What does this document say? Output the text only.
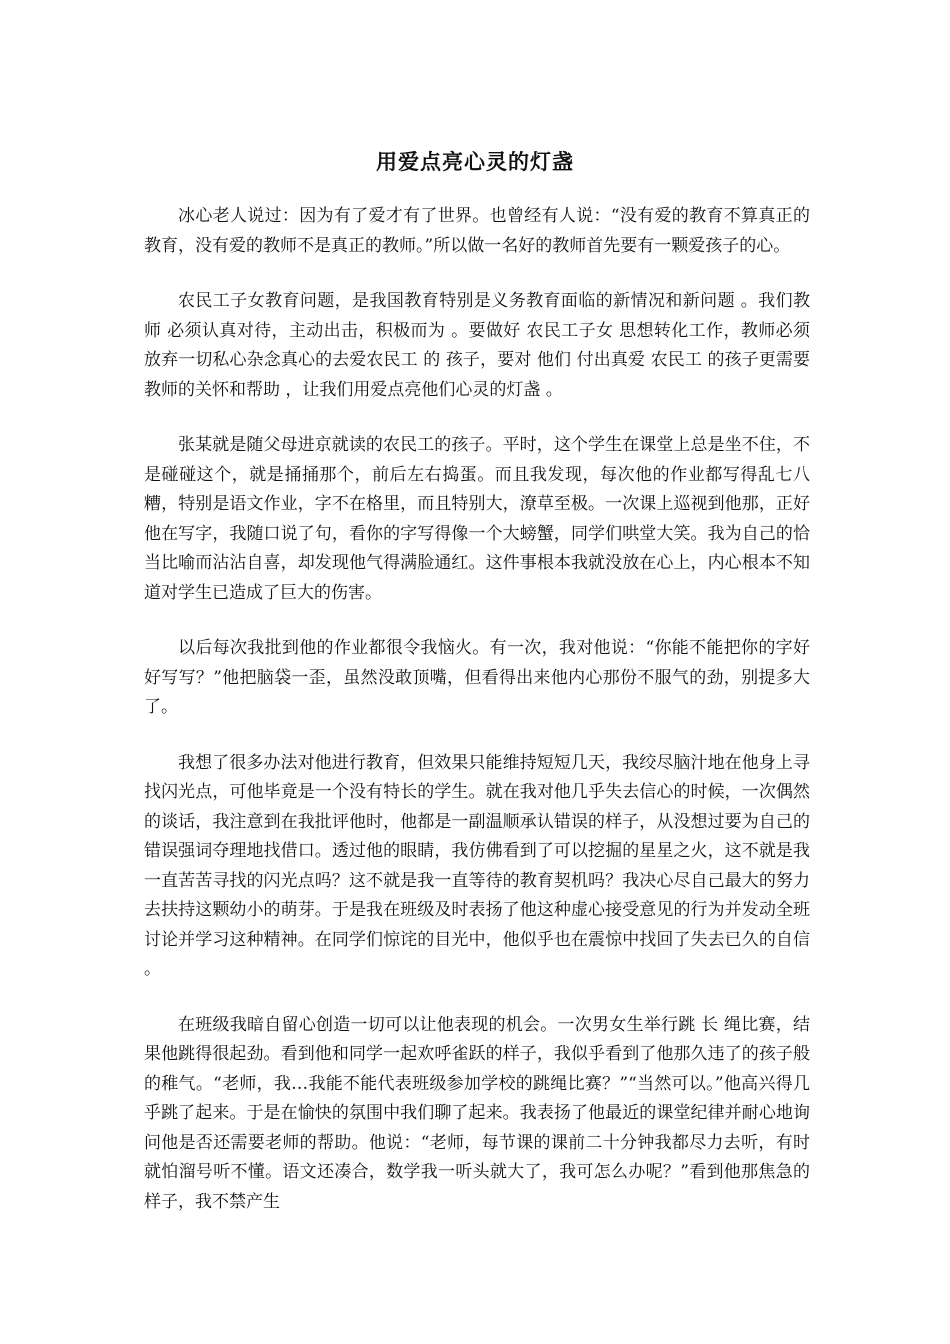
用爱点亮心灵的灯盏

冰心老人说过：因为有了爱才有了世界。也曾经有人说：“没有爱的教育不算真正的教育，没有爱的教师不是真正的教师。”所以做一名好的教师首先要有一颗爱孩子的心。

农民工子女教育问题，是我国教育特别是义务教育面临的新情况和新问题 。我们教师 必须认真对待，主动出击，积极而为 。要做好 农民工子女 思想转化工作，教师必须放弃一切私心杂念真心的去爱农民工 的 孩子，要对 他们 付出真爱 农民工 的孩子更需要教师的关怀和帮助 ，让我们用爱点亮他们心灵的灯盏 。

张某就是随父母进京就读的农民工的孩子。平时，这个学生在课堂上总是坐不住，不是碰碰这个，就是捅捅那个，前后左右捣蛋。而且我发现，每次他的作业都写得乱七八糟，特别是语文作业，字不在格里，而且特别大，潦草至极。一次课上巡视到他那，正好他在写字，我随口说了句，看你的字写得像一个大螃蟹，同学们哄堂大笑。我为自己的恰当比喻而沾沾自喜，却发现他气得满脸通红。这件事根本我就没放在心上，内心根本不知道对学生已造成了巨大的伤害。

以后每次我批到他的作业都很令我恼火。有一次，我对他说：“你能不能把你的字好好写写？”他把脑袋一歪，虽然没敢顶嘴，但看得出来他内心那份不服气的劲，别提多大了。

我想了很多办法对他进行教育，但效果只能维持短短几天，我绞尽脑汁地在他身上寻找闪光点，可他毕竟是一个没有特长的学生。就在我对他几乎失去信心的时候，一次偶然的谈话，我注意到在我批评他时，他都是一副温顺承认错误的样子，从没想过要为自己的错误强词夺理地找借口。透过他的眼睛，我仿佛看到了可以挖掘的星星之火，这不就是我一直苦苦寻找的闪光点吗？这不就是我一直等待的教育契机吗？我决心尽自己最大的努力去扶持这颗幼小的萌芽。于是我在班级及时表扬了他这种虚心接受意见的行为并发动全班讨论并学习这种精神。在同学们惊诧的目光中，他似乎也在震惊中找回了失去已久的自信 。

在班级我暗自留心创造一切可以让他表现的机会。一次男女生举行跳 长 绳比赛，结果他跳得很起劲。看到他和同学一起欢呼雀跃的样子，我似乎看到了他那久违了的孩子般的稚气。“老师，我…我能不能代表班级参加学校的跳绳比赛？”“当然可以。”他高兴得几乎跳了起来。于是在愉快的氛围中我们聊了起来。我表扬了他最近的课堂纪律并耐心地询问他是否还需要老师的帮助。他说：“老师，每节课的课前二十分钟我都尽力去听，有时就怕溜号听不懂。语文还凑合，数学我一听头就大了，我可怎么办呢？”看到他那焦急的样子，我不禁产生
